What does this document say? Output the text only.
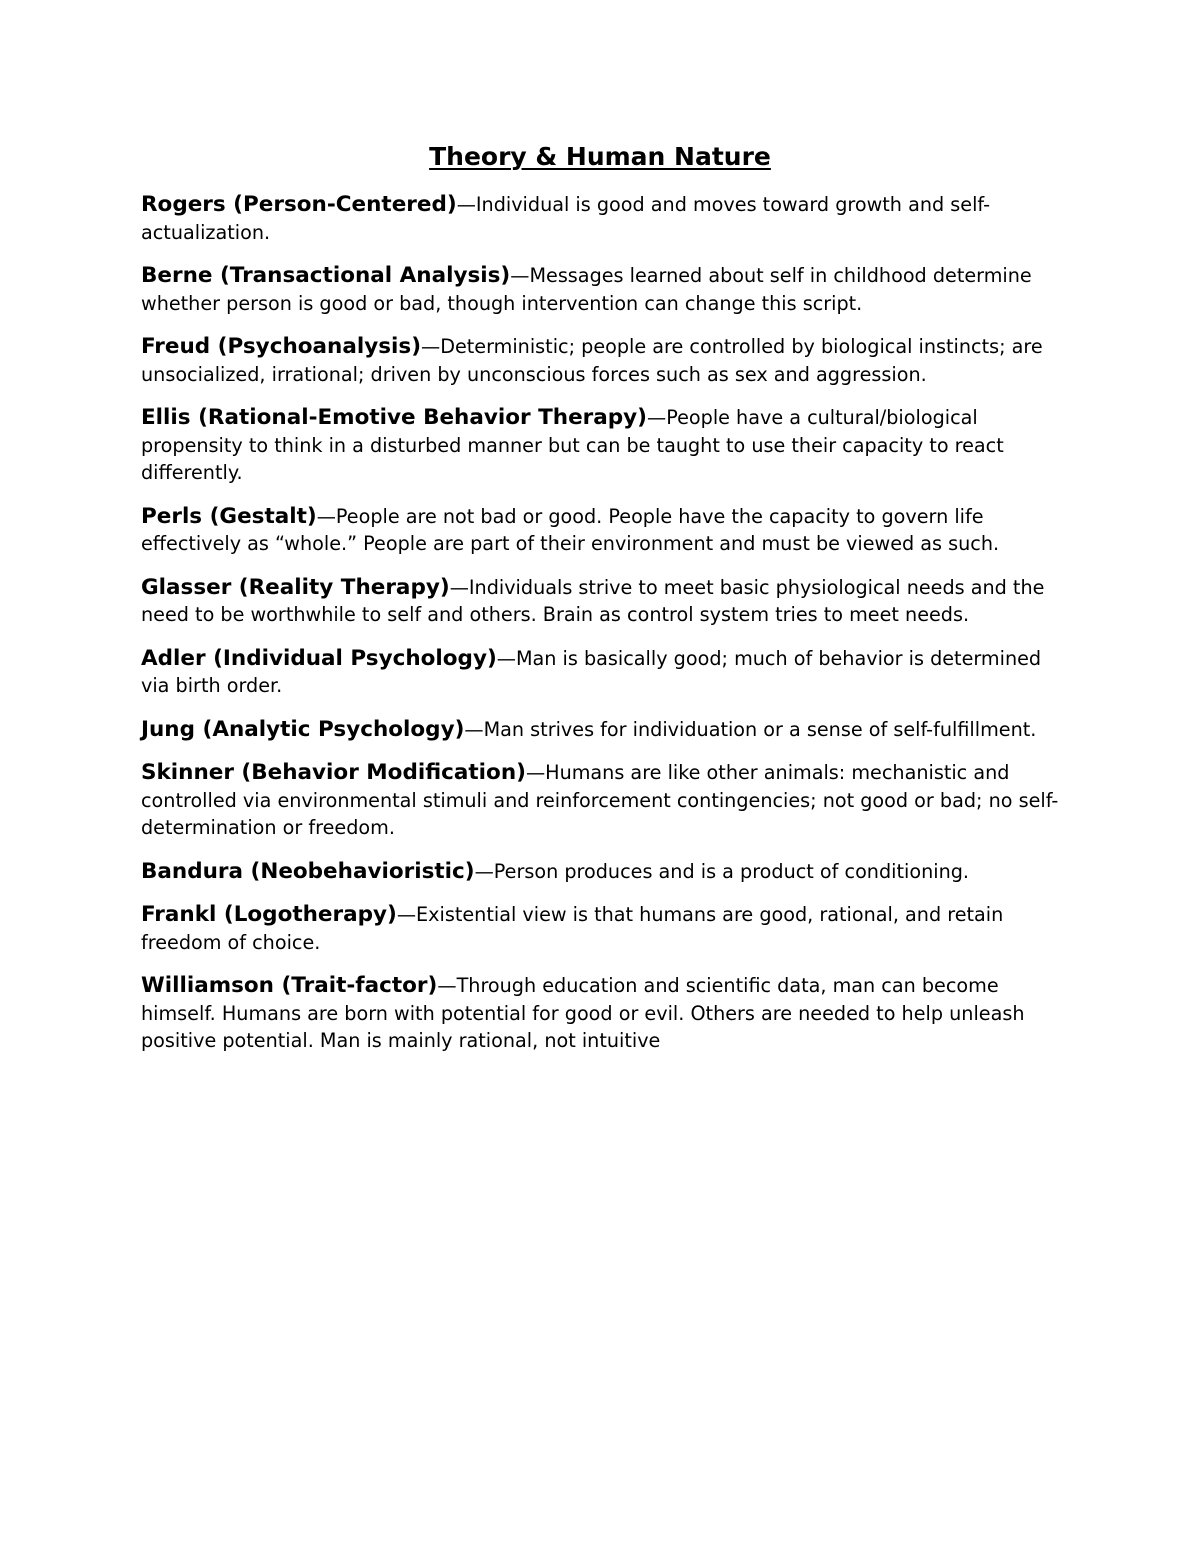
Theory & Human Nature

Rogers (Person-Centered)—Individual is good and moves toward growth and self-actualization.

Berne (Transactional Analysis)—Messages learned about self in childhood determine whether person is good or bad, though intervention can change this script.

Freud (Psychoanalysis)—Deterministic; people are controlled by biological instincts; are unsocialized, irrational; driven by unconscious forces such as sex and aggression.

Ellis (Rational-Emotive Behavior Therapy)—People have a cultural/biological propensity to think in a disturbed manner but can be taught to use their capacity to react differently.

Perls (Gestalt)—People are not bad or good. People have the capacity to govern life effectively as “whole.” People are part of their environment and must be viewed as such.

Glasser (Reality Therapy)—Individuals strive to meet basic physiological needs and the need to be worthwhile to self and others. Brain as control system tries to meet needs.

Adler (Individual Psychology)—Man is basically good; much of behavior is determined via birth order.

Jung (Analytic Psychology)—Man strives for individuation or a sense of self-fulfillment.

Skinner (Behavior Modification)—Humans are like other animals: mechanistic and controlled via environmental stimuli and reinforcement contingencies; not good or bad; no self-determination or freedom.

Bandura (Neobehavioristic)—Person produces and is a product of conditioning.

Frankl (Logotherapy)—Existential view is that humans are good, rational, and retain freedom of choice.

Williamson (Trait-factor)—Through education and scientific data, man can become himself. Humans are born with potential for good or evil. Others are needed to help unleash positive potential. Man is mainly rational, not intuitive
